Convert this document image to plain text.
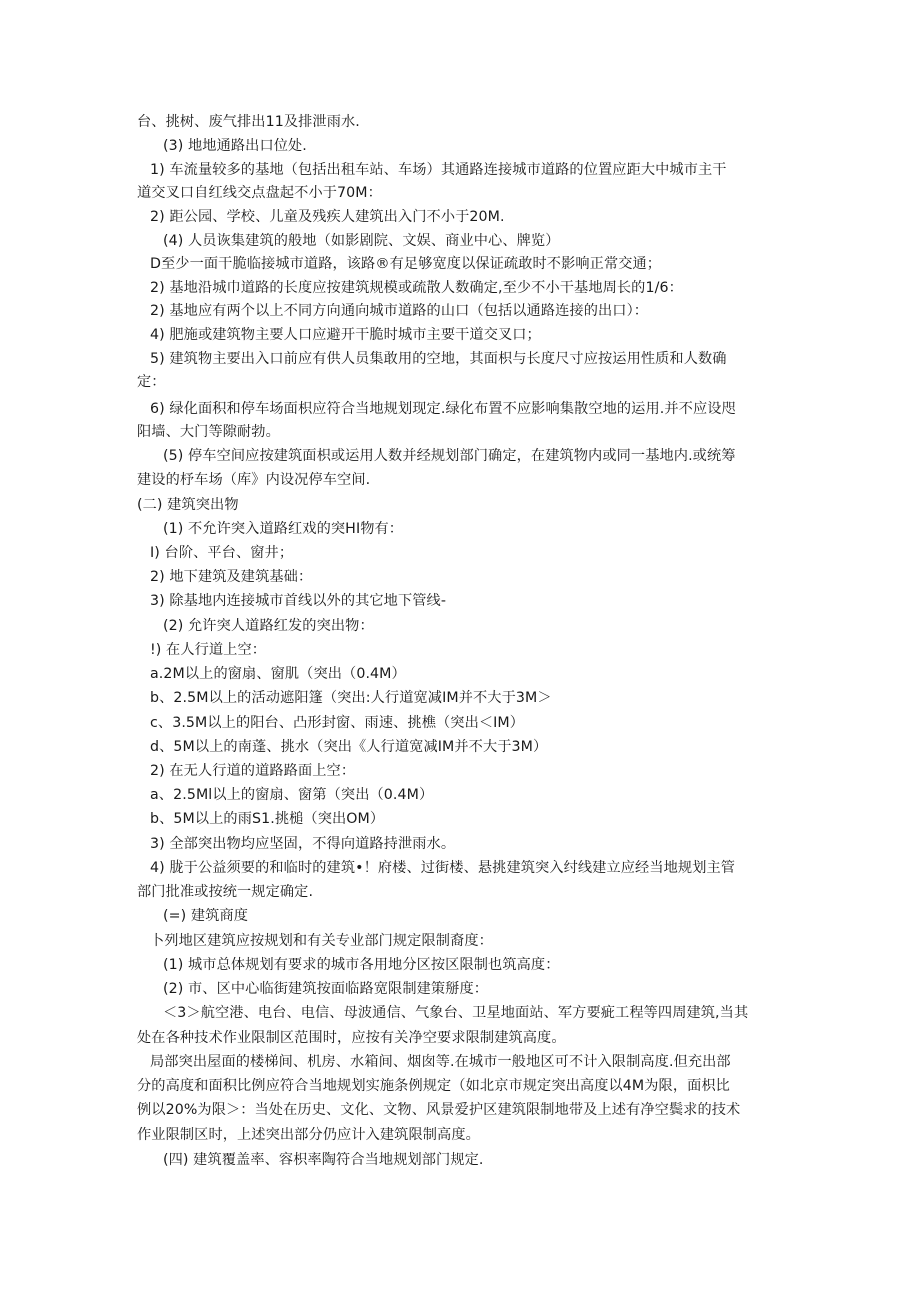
台、挑树、废气排出11及排泄雨水.
(3) 地地通路出口位处.
1) 车流量较多的基地（包括出租车站、车场）其通路连接城市道路的位置应距大中城市主干
道交叉口自红线交点盘起不小于70M：
2) 距公园、学校、儿童及残疾人建筑出入门不小于20M.
(4) 人员诙集建筑的般地（如影剧院、文娱、商业中心、牌览）
D至少一面干脆临接城市道路，该路®有足够宽度以保证疏敢时不影响正常交通；
2) 基地沿城巾道路的长度应按建筑规模或疏散人数确定,至少不小干基地周长的1/6：
2) 基地应有两个以上不同方向通向城市道路的山口（包括以通路连接的出口）：
4) 肥施或建筑物主要人口应避开干脆时城市主要干道交叉口；
5) 建筑物主要出入口前应有供人员集敢用的空地，其面枳与长度尺寸应按运用性质和人数确
定：
6) 绿化面积和停车场面枳应符合当地规划现定.绿化布置不应影响集散空地的运用.并不应设咫
阳墙、大门等隙耐勃。
(5) 停车空间应按建筑面枳或运用人数并经规划部门确定，在建筑物内或同一基地内.或统筹
建设的杼车场（库》内设况停车空间.
(二) 建筑突出物
(1) 不允许突入道路红戏的突HI物有：
I) 台阶、平台、窗井；
2) 地下建筑及建筑基础：
3) 除基地内连接城市首线以外的其它地下管线-
(2) 允许突人道路红发的突出物：
!) 在人行道上空：
a.2M以上的窗扇、窗肌（突出（0.4M）
b、2.5M以上的活动遮阳篷（突出:人行道宽减IM并不大于3M＞
c、3.5M以上的阳台、凸形封窗、雨速、挑樵（突出＜IM）
d、5M以上的南蓬、挑水（突出《人行道宽减IM并不大于3M）
2) 在无人行道的道路路面上空：
a、2.5Ml以上的窗扇、窗第（突出（0.4M）
b、5M以上的雨S1.挑槌（突出OM）
3) 全部突出物均应坚固，不得向道路持泄雨水。
4) 胧于公益须要的和临时的建筑•！府楼、过街楼、悬挑建筑突入纣线建立应经当地规划主管
部门批准或按统一规定确定.
(=) 建筑商度
卜列地区建筑应按规划和有关专业部门规定限制裔度：
(1) 城市总体规划有要求的城市各用地分区按区限制也筑高度：
(2) 市、区中心临街建筑按面临路宽限制建策掰度：
＜3＞航空港、电台、电信、母波通信、气象台、卫星地面站、军方要疵工程等四周建筑,当其
处在各种技术作业限制区范围时，应按有关净空要求限制建筑高度。
局部突出屋面的楼梯间、机房、水箱间、烟囱等.在城市一般地区可不计入限制高度.但充出部
分的高度和面积比例应符合当地规划实施条例规定（如北京市规定突出高度以4M为限，面枳比
例以20%为限＞：当处在历史、文化、文物、风景爱护区建筑限制地带及上述有净空鬓求的技术
作业限制区时，上述突出部分仍应计入建筑限制高度。
(四) 建筑覆盖率、容枳率陶符合当地规划部门规定.
